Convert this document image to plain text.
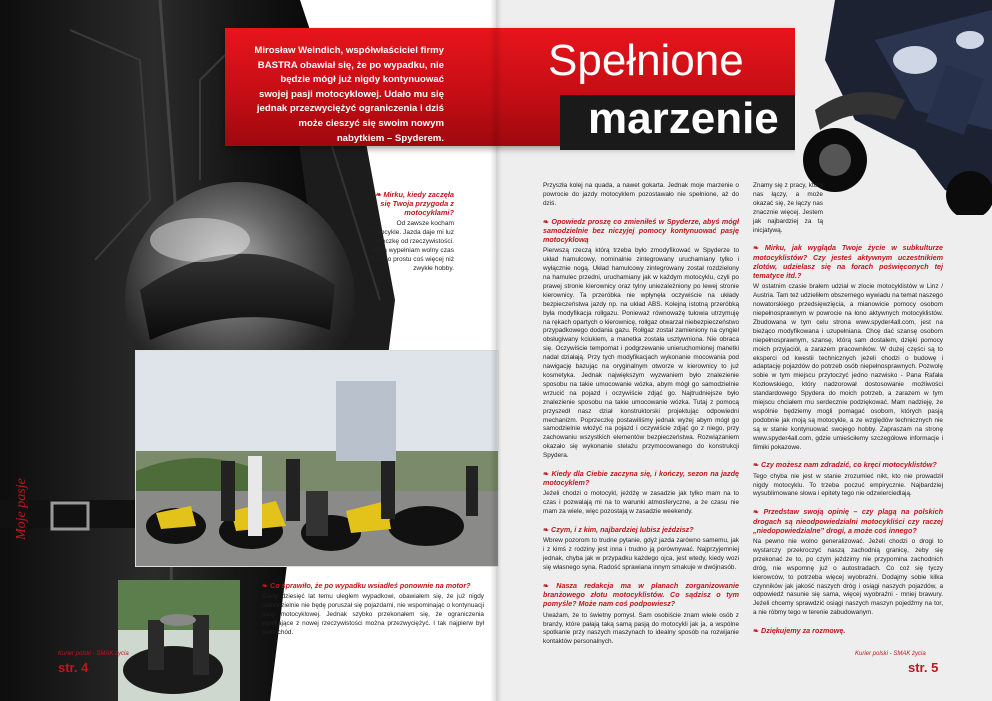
Mirosław Weindich, współwłaściciel firmy BASTRA obawiał się, że po wypadku, nie będzie mógł już nigdy kontynuować swojej pasji motocyklowej. Udało mu się jednak przezwyciężyć ograniczenia i dziś może cieszyć się swoim nowym nabytkiem – Spyderem.
Spełnione
marzenie
❧ Mirku, kiedy zaczęła się Twoja przygoda z motocyklami?
Od zawsze kocham motocykle. Jazda daje mi luz i ucieczkę od rzeczywistości. Jazdą wypełniam wolny czas - to po prostu coś więcej niż zwykłe hobby.

❧ Co sprawiło, że po wypadku wsiadłeś ponownie na motor?

Kiedy dziesięć lat temu uległem wypadkowi, obawiałem się, że już nigdy samodzielnie nie będę poruszał się pojazdami, nie wspominając o kontynuacji pasji motocyklowej. Jednak szybko przekonałem się, że ograniczenia wynikające z nowej rzeczywistości można przezwyciężyć. I tak najpierw był samochód.

Przyszła kolej na quada, a nawet gokarta. Jednak moje marzenie o powrocie do jazdy motocyklem pozostawało nie spełnione, aż do dziś.

❧ Opowiedz proszę co zmieniłeś w Spyderze, abyś mógł samodzielnie bez niczyjej pomocy kontynuować pasję motocyklową

Pierwszą rzeczą którą trzeba było zmodyfikować w Spyderze to układ hamulcowy, nominalnie zintegrowany uruchamiany tylko i wyłącznie nogą. Układ hamulcowy zintegrowany został rozdzielony na hamulec przedni, uruchamiany jak w każdym motocyklu, czyli po prawej stronie kierownicy oraz tylny uniezależniony po lewej stronie kierownicy. Ta przeróbka nie wpłynęła oczywiście na układy bezpieczeństwa jazdy np. na układ ABS. Kolejną istotną przeróbką była modyfikacja rolłgazu. Ponieważ równoważę tułowia utrzymuję na rękach opartych o kierownicę, rolłgaz otwarzał niebezpieczeństwo przypadkowego dodania gazu. Rolłgaz został zamieniony na cyngiel obsługiwany kciukiem, a manetka została usztywniona. Nie obraca się. Oczywiście tempomat i podgrzewanie unieruchomionej manetki nadal działają. Przy tych modyfikacjach wykonanie mocowania pod nawigację bazując na oryginalnym otworze w kierownicy to już kosmetyka. Jednak największym wyzwaniem było znalezienie sposobu na takie umocowanie wózka, abym mógł go samodzielnie wrzucić na pojazd i oczywiście zdjąć go. Najtrudniejsze było znalezienie sposobu na takie umocowanie wózka. Tutaj z pomocą przyszedł nasz dział konstruktorski projektując odpowiedni mechanizm. Poprzeczkę postawiliśmy jednak wyżej abym mógł go samodzielnie włożyć na pojazd i oczywiście zdjąć go z niego, przy zachowaniu wszystkich elementów bezpieczeństwa. Rozwiązaniem okazało się wykonanie stelażu przymocowanego do konstrukcji Spydera.

❧ Kiedy dla Ciebie zaczyna się, i kończy, sezon na jazdę motocyklem?

Jeżeli chodzi o motocykl, jeżdżę w zasadzie jak tylko mam na to czas i pozwalają mi na to warunki atmosferyczne, a że czasu nie mam za wiele, więc pozostają w zasadzie weekendy.

❧ Czym, i z kim, najbardziej lubisz jeździsz?

Wbrew pozorom to trudne pytanie, gdyż jazda zarówno samemu, jak i z kimś z rodziny jest inna i trudno ją porównywać. Najprzyjemniej jednak, chyba jak w przypadku każdego ojca, jest wtedy, kiedy wozi się własnego syna. Radość sprawiana innym smakuje w dwójnasób.

❧ Nasza redakcja ma w planach zorganizowanie branżowego złotu motocyklistów. Co sądzisz o tym pomyśle? Może nam coś podpowiesz?

Uważam, że to świetny pomysł. Sam osobiście znam wiele osób z branży, które pałają taką samą pasją do motocykli jak ja, a wspólne spotkanie przy naszych maszynach to idealny sposób na rozwijanie kontaktów personalnych.

Znamy się z pracy, która nas łączy, a może okazać się, że łączy nas znacznie więcej. Jestem jak najbardziej za tą inicjatywą.

❧ Mirku, jak wygląda Twoje życie w subkulturze motocyklistów? Czy jesteś aktywnym uczestnikiem zlotów, udzielasz się na forach poświęconych tej tematyce itd.?

W ostatnim czasie brałem udział w zlocie motocyklistów w Linz / Austria. Tam też udzieliłem obszernego wywiadu na temat naszego nowatorskiego przedsięwzięcia, a mianowicie pomocy osobom niepełnosprawnym w powrocie na łono aktywnych motocyklistów. Zbudowana w tym celu strona www.spyder4all.com, jest na bieżąco modyfikowana i uzupełniana. Chcę dać szansę osobom niepełnosprawnym, szansę, którą sam dostałem, dzięki pomocy moich przyjaciół, a zarazem pracowników. W dużej części są to eksperci od kwestii technicznych jeżeli chodzi o budowę i adaptację pojazdów do potrzeb osób niepełnosprawnych. Pozwolę sobie w tym miejscu przytoczyć jedno nazwisko - Pana Rafała Kozłowskiego, który nadzorował dostosowanie możliwości standardowego Spydera do moich potrzeb, a zarazem w tym miejscu chciałem mu serdecznie podziękować. Mam nadzieję, że wspólnie będziemy mogli pomagać osobom, których pasją podobnie jak moją są motocykle, a ze względów technicznych nie są w stanie kontynuować swojego hobby. Zapraszam na stronę www.spyder4all.com, gdzie umieściłemy szczegółowe informacje i filmiki pokazowe.

❧ Czy możesz nam zdradzić, co kręci motocyklistów?

Tego chyba nie jest w stanie zrozumieć nikt, kto nie prowadził nigdy motocyklu. To trzeba poczuć empirycznie. Najbardziej wysublimowane słowa i epitety tego nie odzwierciedlają.

❧ Przedstaw swoją opinię – czy plagą na polskich drogach są nieodpowiedzialni motocykliści czy raczej „niedopowiedzialne” drogi, a może coś innego?

Na pewno nie wolno generalizować. Jeżeli chodzi o drogi to wystarczy przekroczyć naszą zachodnią granicę, żeby się przekonać że to, po czym jeździmy nie przypomina zachodnich dróg, nie wspomnę już o autostradach. Co coż się tyczy kierowców, to potrzeba więcej wyobraźni. Dodajmy sobie kilka czynników jak jakość naszych dróg i osiągi naszych pojazdów, a odpowiedź nasunie się sama, więcej wyobraźni - mniej brawury. Jeżeli chcemy sprawdzić osiągi naszych maszyn pojedźmy na tor, a nie róbmy tego w terenie zabudowanym.

❧ Dziękujemy za rozmowę.

Moje pasje
Kurier polski - SMAK życia
str. 4
Kurier polski - SMAK życia
str. 5
